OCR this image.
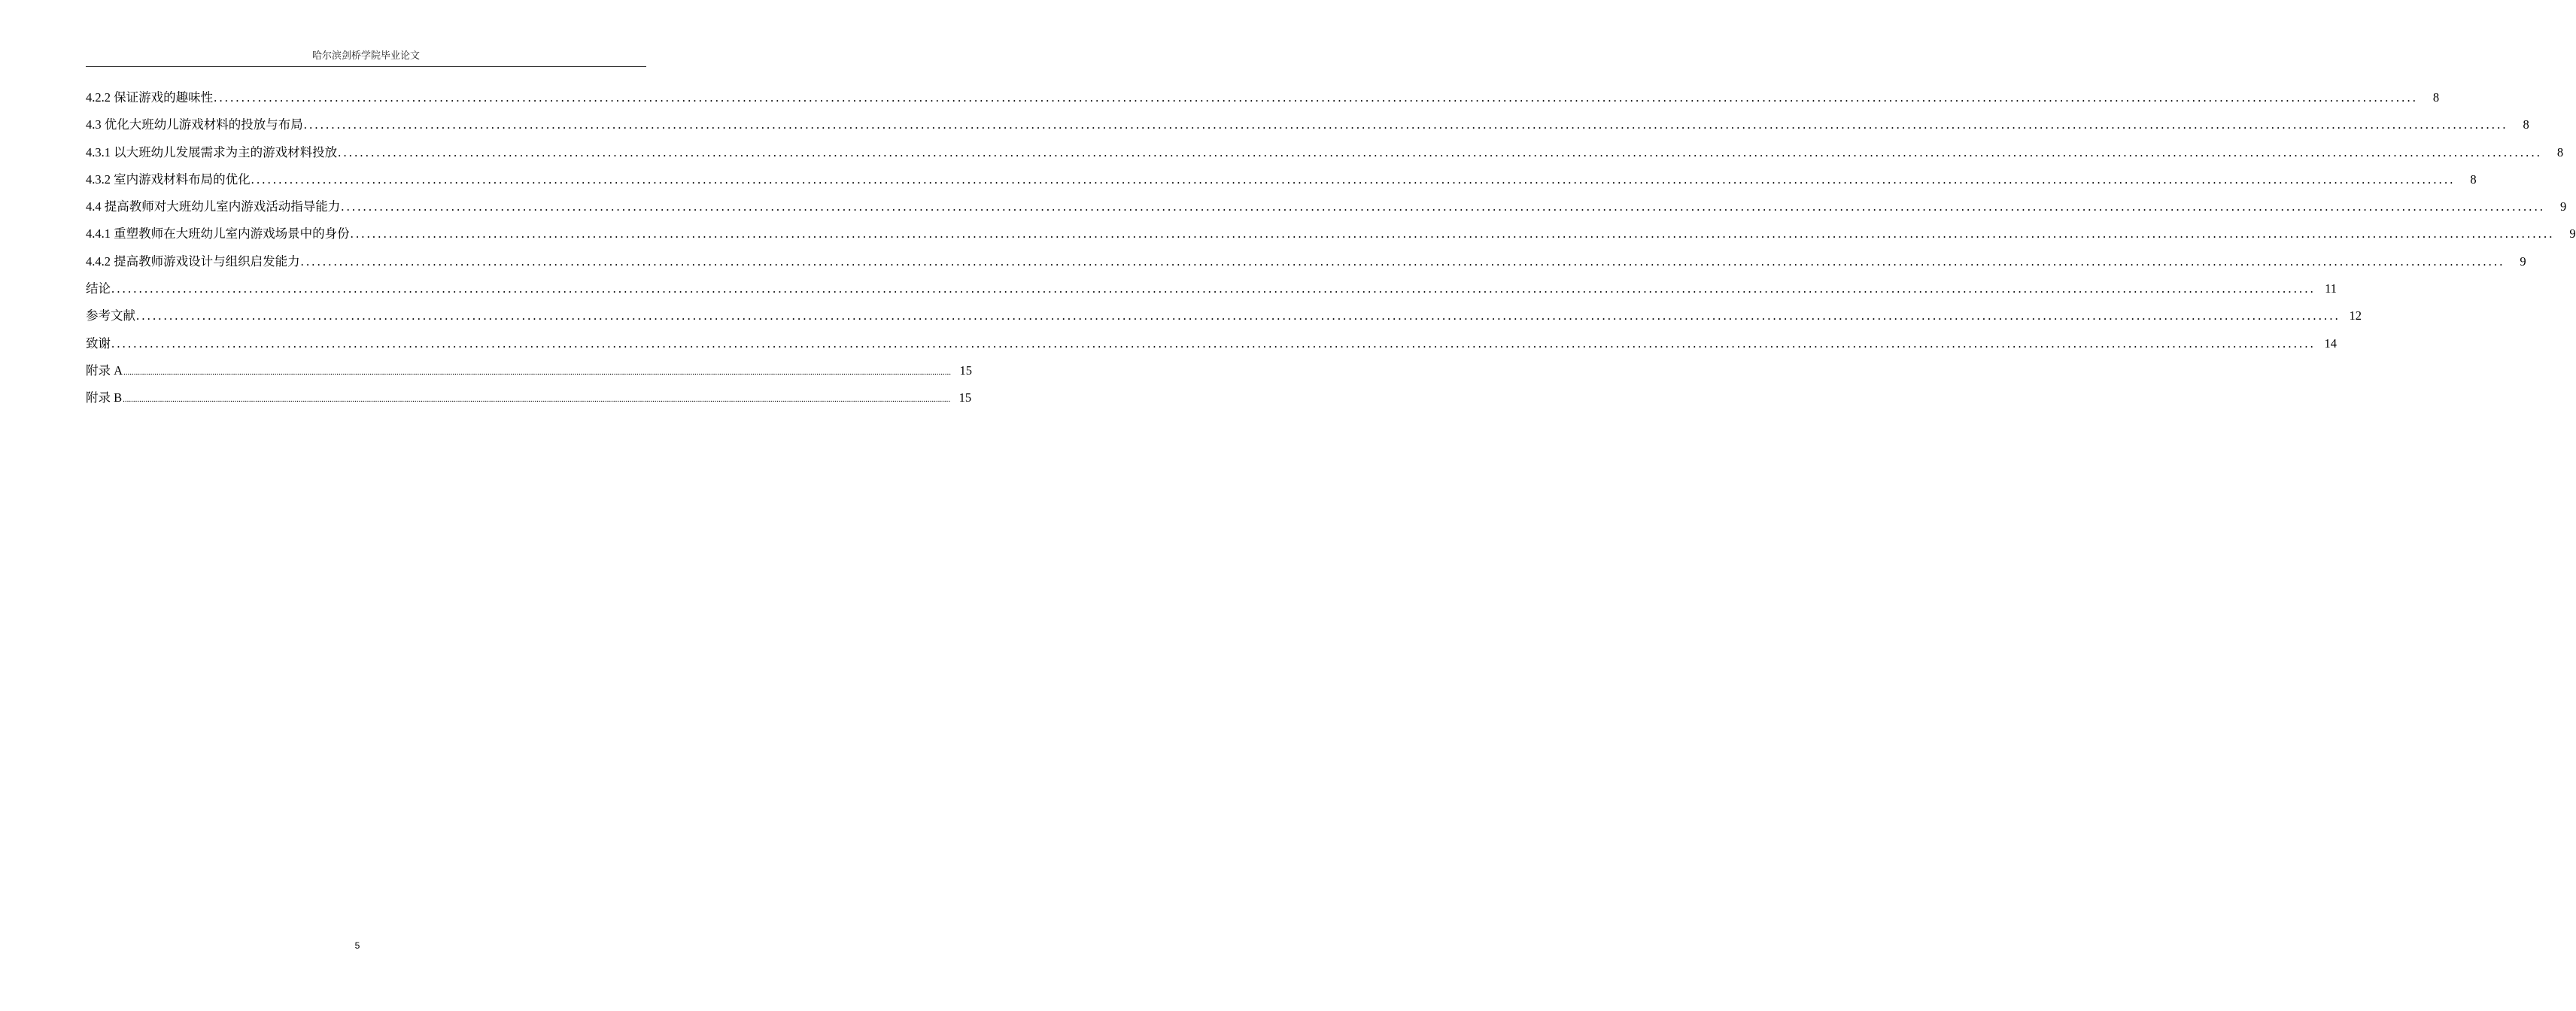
哈尔滨剑桥学院毕业论文
4.2.2 保证游戏的趣味性 ................................................................................................................................................................................................................................................................................................................................................................................................................	8
4.3 优化大班幼儿游戏材料的投放与布局 ................................................................................................................................................................................................................................................................................................................................................................................................................	8
4.3.1 以大班幼儿发展需求为主的游戏材料投放 ................................................................................................................................................................................................................................................................................................................................................................................................................	8
4.3.2 室内游戏材料布局的优化 ................................................................................................................................................................................................................................................................................................................................................................................................................	8
4.4 提高教师对大班幼儿室内游戏活动指导能力 ................................................................................................................................................................................................................................................................................................................................................................................................................	9
4.4.1 重塑教师在大班幼儿室内游戏场景中的身份 ................................................................................................................................................................................................................................................................................................................................................................................................................	9
4.4.2 提高教师游戏设计与组织启发能力 ................................................................................................................................................................................................................................................................................................................................................................................................................	9
结论 ................................................................................................................................................................................................................................................................................................................................................................................................................ 11
参考文献 ................................................................................................................................................................................................................................................................................................................................................................................................................ 12
致谢 ................................................................................................................................................................................................................................................................................................................................................................................................................ 14
附录 A ................................................................................................................................................................................................................................................................................................................................................................................................................ 15
附录 B ................................................................................................................................................................................................................................................................................................................................................................................................................ 15
5
